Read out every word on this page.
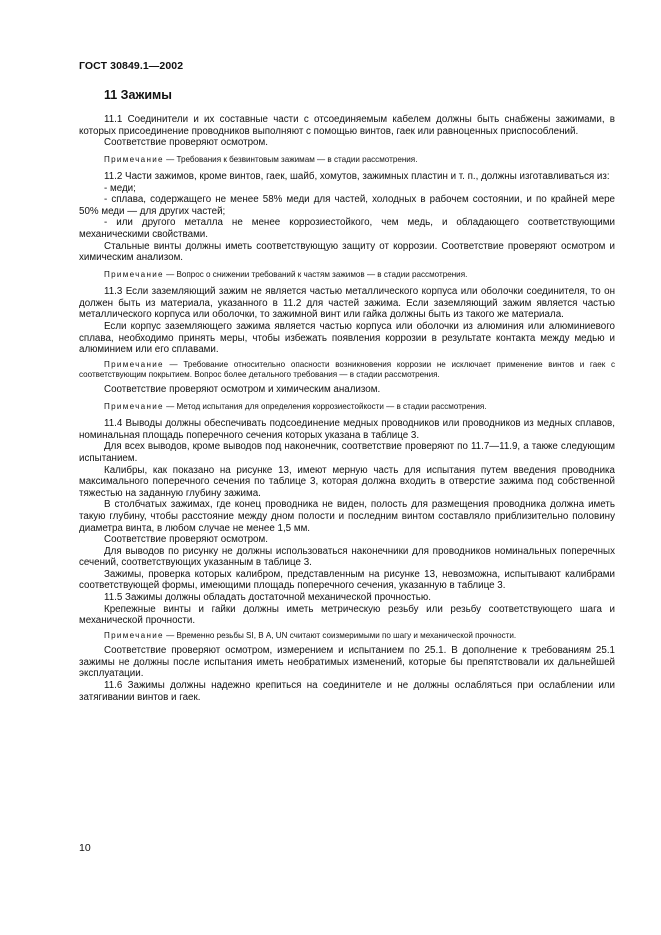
ГОСТ 30849.1—2002
11 Зажимы

11.1 Соединители и их составные части с отсоединяемым кабелем должны быть снабжены зажимами, в которых присоединение проводников выполняют с помощью винтов, гаек или равноценных приспособлений.

Соответствие проверяют осмотром.

Примечание — Требования к безвинтовым зажимам — в стадии рассмотрения.

11.2 Части зажимов, кроме винтов, гаек, шайб, хомутов, зажимных пластин и т. п., должны изготавливаться из:

- меди;

- сплава, содержащего не менее 58% меди для частей, холодных в рабочем состоянии, и по крайней мере 50% меди — для других частей;

- или другого металла не менее коррозиестойкого, чем медь, и обладающего соответствующими механическими свойствами.

Стальные винты должны иметь соответствующую защиту от коррозии. Соответствие проверяют осмотром и химическим анализом.

Примечание — Вопрос о снижении требований к частям зажимов — в стадии рассмотрения.

11.3 Если заземляющий зажим не является частью металлического корпуса или оболочки соединителя, то он должен быть из материала, указанного в 11.2 для частей зажима. Если заземляющий зажим является частью металлического корпуса или оболочки, то зажимной винт или гайка должны быть из такого же материала.

Если корпус заземляющего зажима является частью корпуса или оболочки из алюминия или алюминиевого сплава, необходимо принять меры, чтобы избежать появления коррозии в результате контакта между медью и алюминием или его сплавами.

Примечание — Требование относительно опасности возникновения коррозии не исключает применение винтов и гаек с соответствующим покрытием. Вопрос более детального требования — в стадии рассмотрения.

Соответствие проверяют осмотром и химическим анализом.

Примечание — Метод испытания для определения коррозиестойкости — в стадии рассмотрения.

11.4 Выводы должны обеспечивать подсоединение медных проводников или проводников из медных сплавов, номинальная площадь поперечного сечения которых указана в таблице 3.

Для всех выводов, кроме выводов под наконечник, соответствие проверяют по 11.7—11.9, а также следующим испытанием.

Калибры, как показано на рисунке 13, имеют мерную часть для испытания путем введения проводника максимального поперечного сечения по таблице 3, которая должна входить в отверстие зажима под собственной тяжестью на заданную глубину зажима.

В столбчатых зажимах, где конец проводника не виден, полость для размещения проводника должна иметь такую глубину, чтобы расстояние между дном полости и последним винтом составляло приблизительно половину диаметра винта, в любом случае не менее 1,5 мм.

Соответствие проверяют осмотром.

Для выводов по рисунку не должны использоваться наконечники для проводников номинальных поперечных сечений, соответствующих указанным в таблице 3.

Зажимы, проверка которых калибром, представленным на рисунке 13, невозможна, испытывают калибрами соответствующей формы, имеющими площадь поперечного сечения, указанную в таблице 3.

11.5 Зажимы должны обладать достаточной механической прочностью.

Крепежные винты и гайки должны иметь метрическую резьбу или резьбу соответствующего шага и механической прочности.

Примечание — Временно резьбы SI, В А, UN считают соизмеримыми по шагу и механической прочности.

Соответствие проверяют осмотром, измерением и испытанием по 25.1. В дополнение к требованиям 25.1 зажимы не должны после испытания иметь необратимых изменений, которые бы препятствовали их дальнейшей эксплуатации.

11.6 Зажимы должны надежно крепиться на соединителе и не должны ослабляться при ослаблении или затягивании винтов и гаек.

10
